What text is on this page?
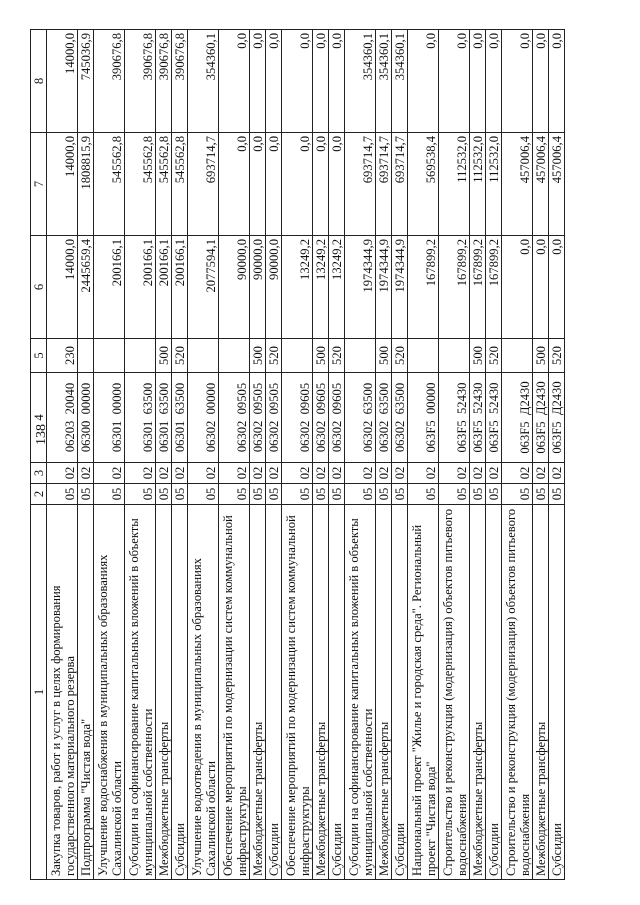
138
1	2	3	4	5	6	7	8
Закупка товаров, работ и услуг в целях формирования государственного материального резерва	05	02	06203  20040	230	14000,0	14000,0	14000,0
Подпрограмма "Чистая вода"	05	02	06300  00000		2445659,4	1808815,9	745036,9
Улучшение водоснабжения в муниципальных образованиях Сахалинской области	05	02	06301  00000		200166,1	545562,8	390676,8
Субсидии на софинансирование капитальных вложений в объекты муниципальной собственности	05	02	06301  63500		200166,1	545562,8	390676,8
Межбюджетные трансферты	05	02	06301  63500	500	200166,1	545562,8	390676,8
Субсидии	05	02	06301  63500	520	200166,1	545562,8	390676,8
Улучшение водоотведения в муниципальных образованиях Сахалинской области	05	02	06302  00000		2077594,1	693714,7	354360,1
Обеспечение мероприятий по модернизации систем коммунальной инфраструктуры	05	02	06302  09505		90000,0	0,0	0,0
Межбюджетные трансферты	05	02	06302  09505	500	90000,0	0,0	0,0
Субсидии	05	02	06302  09505	520	90000,0	0,0	0,0
Обеспечение мероприятий по модернизации систем коммунальной инфраструктуры	05	02	06302  09605		13249,2	0,0	0,0
Межбюджетные трансферты	05	02	06302  09605	500	13249,2	0,0	0,0
Субсидии	05	02	06302  09605	520	13249,2	0,0	0,0
Субсидии на софинансирование капитальных вложений в объекты муниципальной собственности	05	02	06302  63500		1974344,9	693714,7	354360,1
Межбюджетные трансферты	05	02	06302  63500	500	1974344,9	693714,7	354360,1
Субсидии	05	02	06302  63500	520	1974344,9	693714,7	354360,1
Национальный проект "Жилье и городская среда". Региональный проект "Чистая вода"	05	02	063F5  00000		167899,2	569538,4	0,0
Строительство и реконструкция (модернизация) объектов питьевого водоснабжения	05	02	063F5  52430		167899,2	112532,0	0,0
Межбюджетные трансферты	05	02	063F5  52430	500	167899,2	112532,0	0,0
Субсидии	05	02	063F5  52430	520	167899,2	112532,0	0,0
Строительство и реконструкция (модернизация) объектов питьевого водоснабжения	05	02	063F5  Д2430		0,0	457006,4	0,0
Межбюджетные трансферты	05	02	063F5  Д2430	500	0,0	457006,4	0,0
Субсидии	05	02	063F5  Д2430	520	0,0	457006,4	0,0
